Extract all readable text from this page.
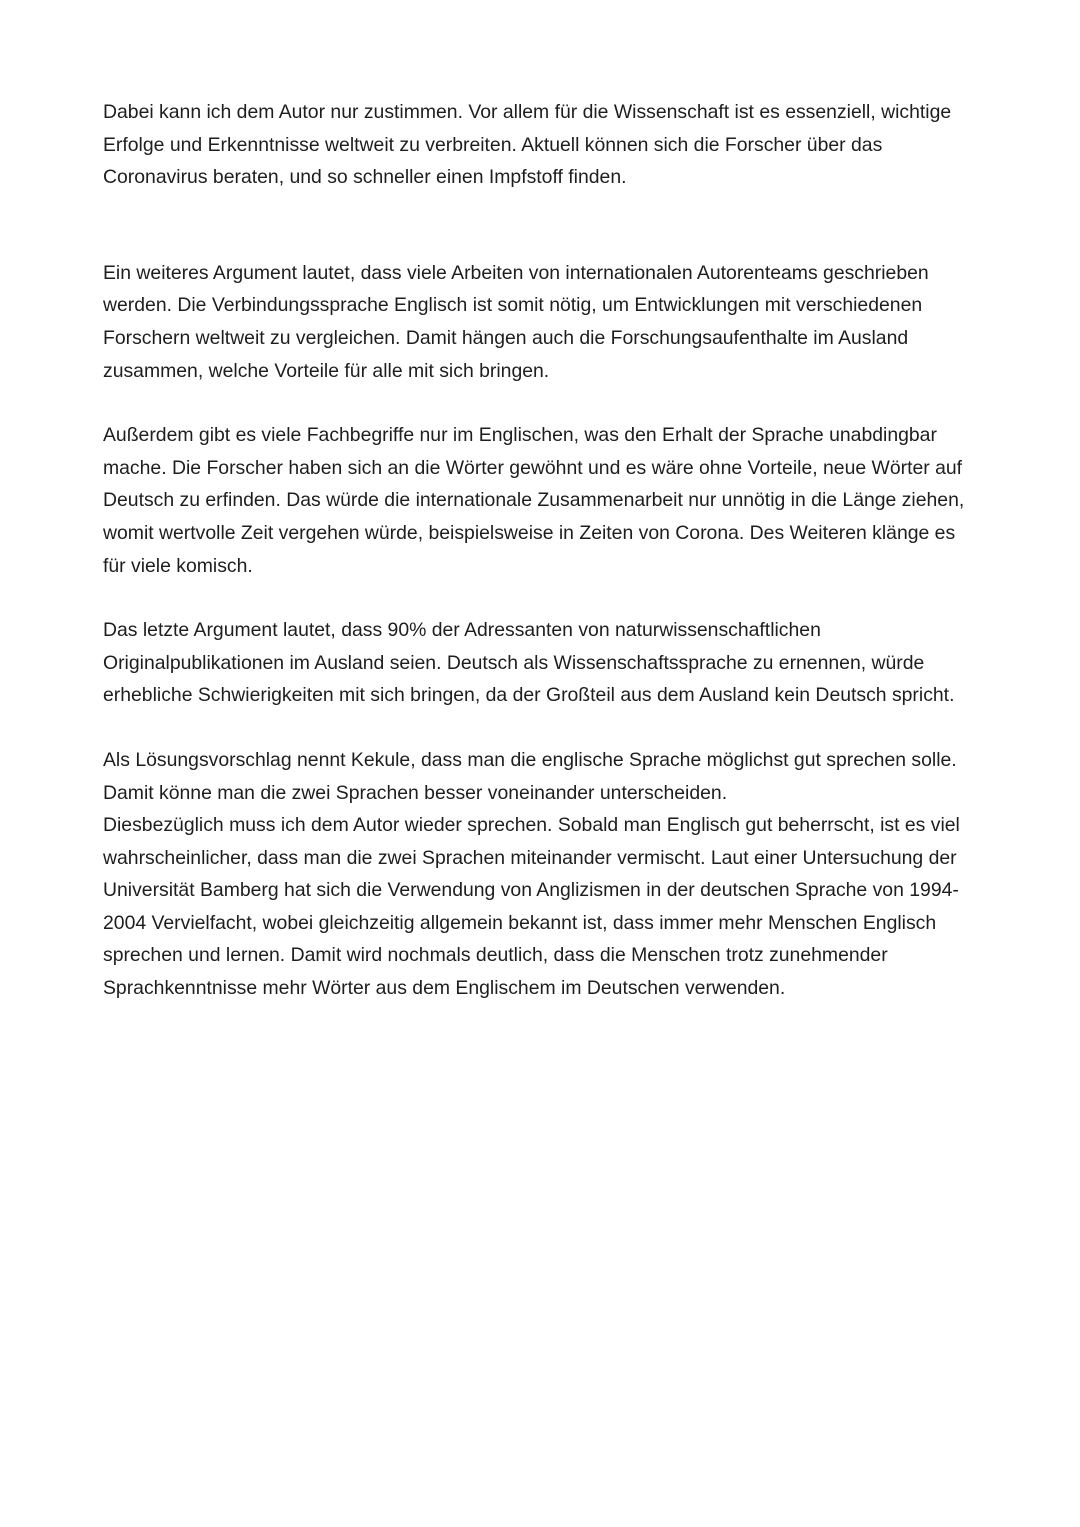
Dabei kann ich dem Autor nur zustimmen. Vor allem für die Wissenschaft ist es essenziell, wichtige Erfolge und Erkenntnisse weltweit zu verbreiten. Aktuell können sich die Forscher über das Coronavirus beraten, und so schneller einen Impfstoff finden.

Ein weiteres Argument lautet, dass viele Arbeiten von internationalen Autorenteams geschrieben werden. Die Verbindungssprache Englisch ist somit nötig, um Entwicklungen mit verschiedenen Forschern weltweit zu vergleichen. Damit hängen auch die Forschungsaufenthalte im Ausland zusammen, welche Vorteile für alle mit sich bringen.

Außerdem gibt es viele Fachbegriffe nur im Englischen, was den Erhalt der Sprache unabdingbar mache. Die Forscher haben sich an die Wörter gewöhnt und es wäre ohne Vorteile, neue Wörter auf Deutsch zu erfinden. Das würde die internationale Zusammenarbeit nur unnötig in die Länge ziehen, womit wertvolle Zeit vergehen würde, beispielsweise in Zeiten von Corona. Des Weiteren klänge es für viele komisch.

Das letzte Argument lautet, dass 90% der Adressanten von naturwissenschaftlichen Originalpublikationen im Ausland seien. Deutsch als Wissenschaftssprache zu ernennen, würde erhebliche Schwierigkeiten mit sich bringen, da der Großteil aus dem Ausland kein Deutsch spricht.

Als Lösungsvorschlag nennt Kekule, dass man die englische Sprache möglichst gut sprechen solle. Damit könne man die zwei Sprachen besser voneinander unterscheiden.

Diesbezüglich muss ich dem Autor wieder sprechen. Sobald man Englisch gut beherrscht, ist es viel wahrscheinlicher, dass man die zwei Sprachen miteinander vermischt. Laut einer Untersuchung der Universität Bamberg hat sich die Verwendung von Anglizismen in der deutschen Sprache von 1994-2004 Vervielfacht, wobei gleichzeitig allgemein bekannt ist, dass immer mehr Menschen Englisch sprechen und lernen. Damit wird nochmals deutlich, dass die Menschen trotz zunehmender Sprachkenntnisse mehr Wörter aus dem Englischem im Deutschen verwenden.
